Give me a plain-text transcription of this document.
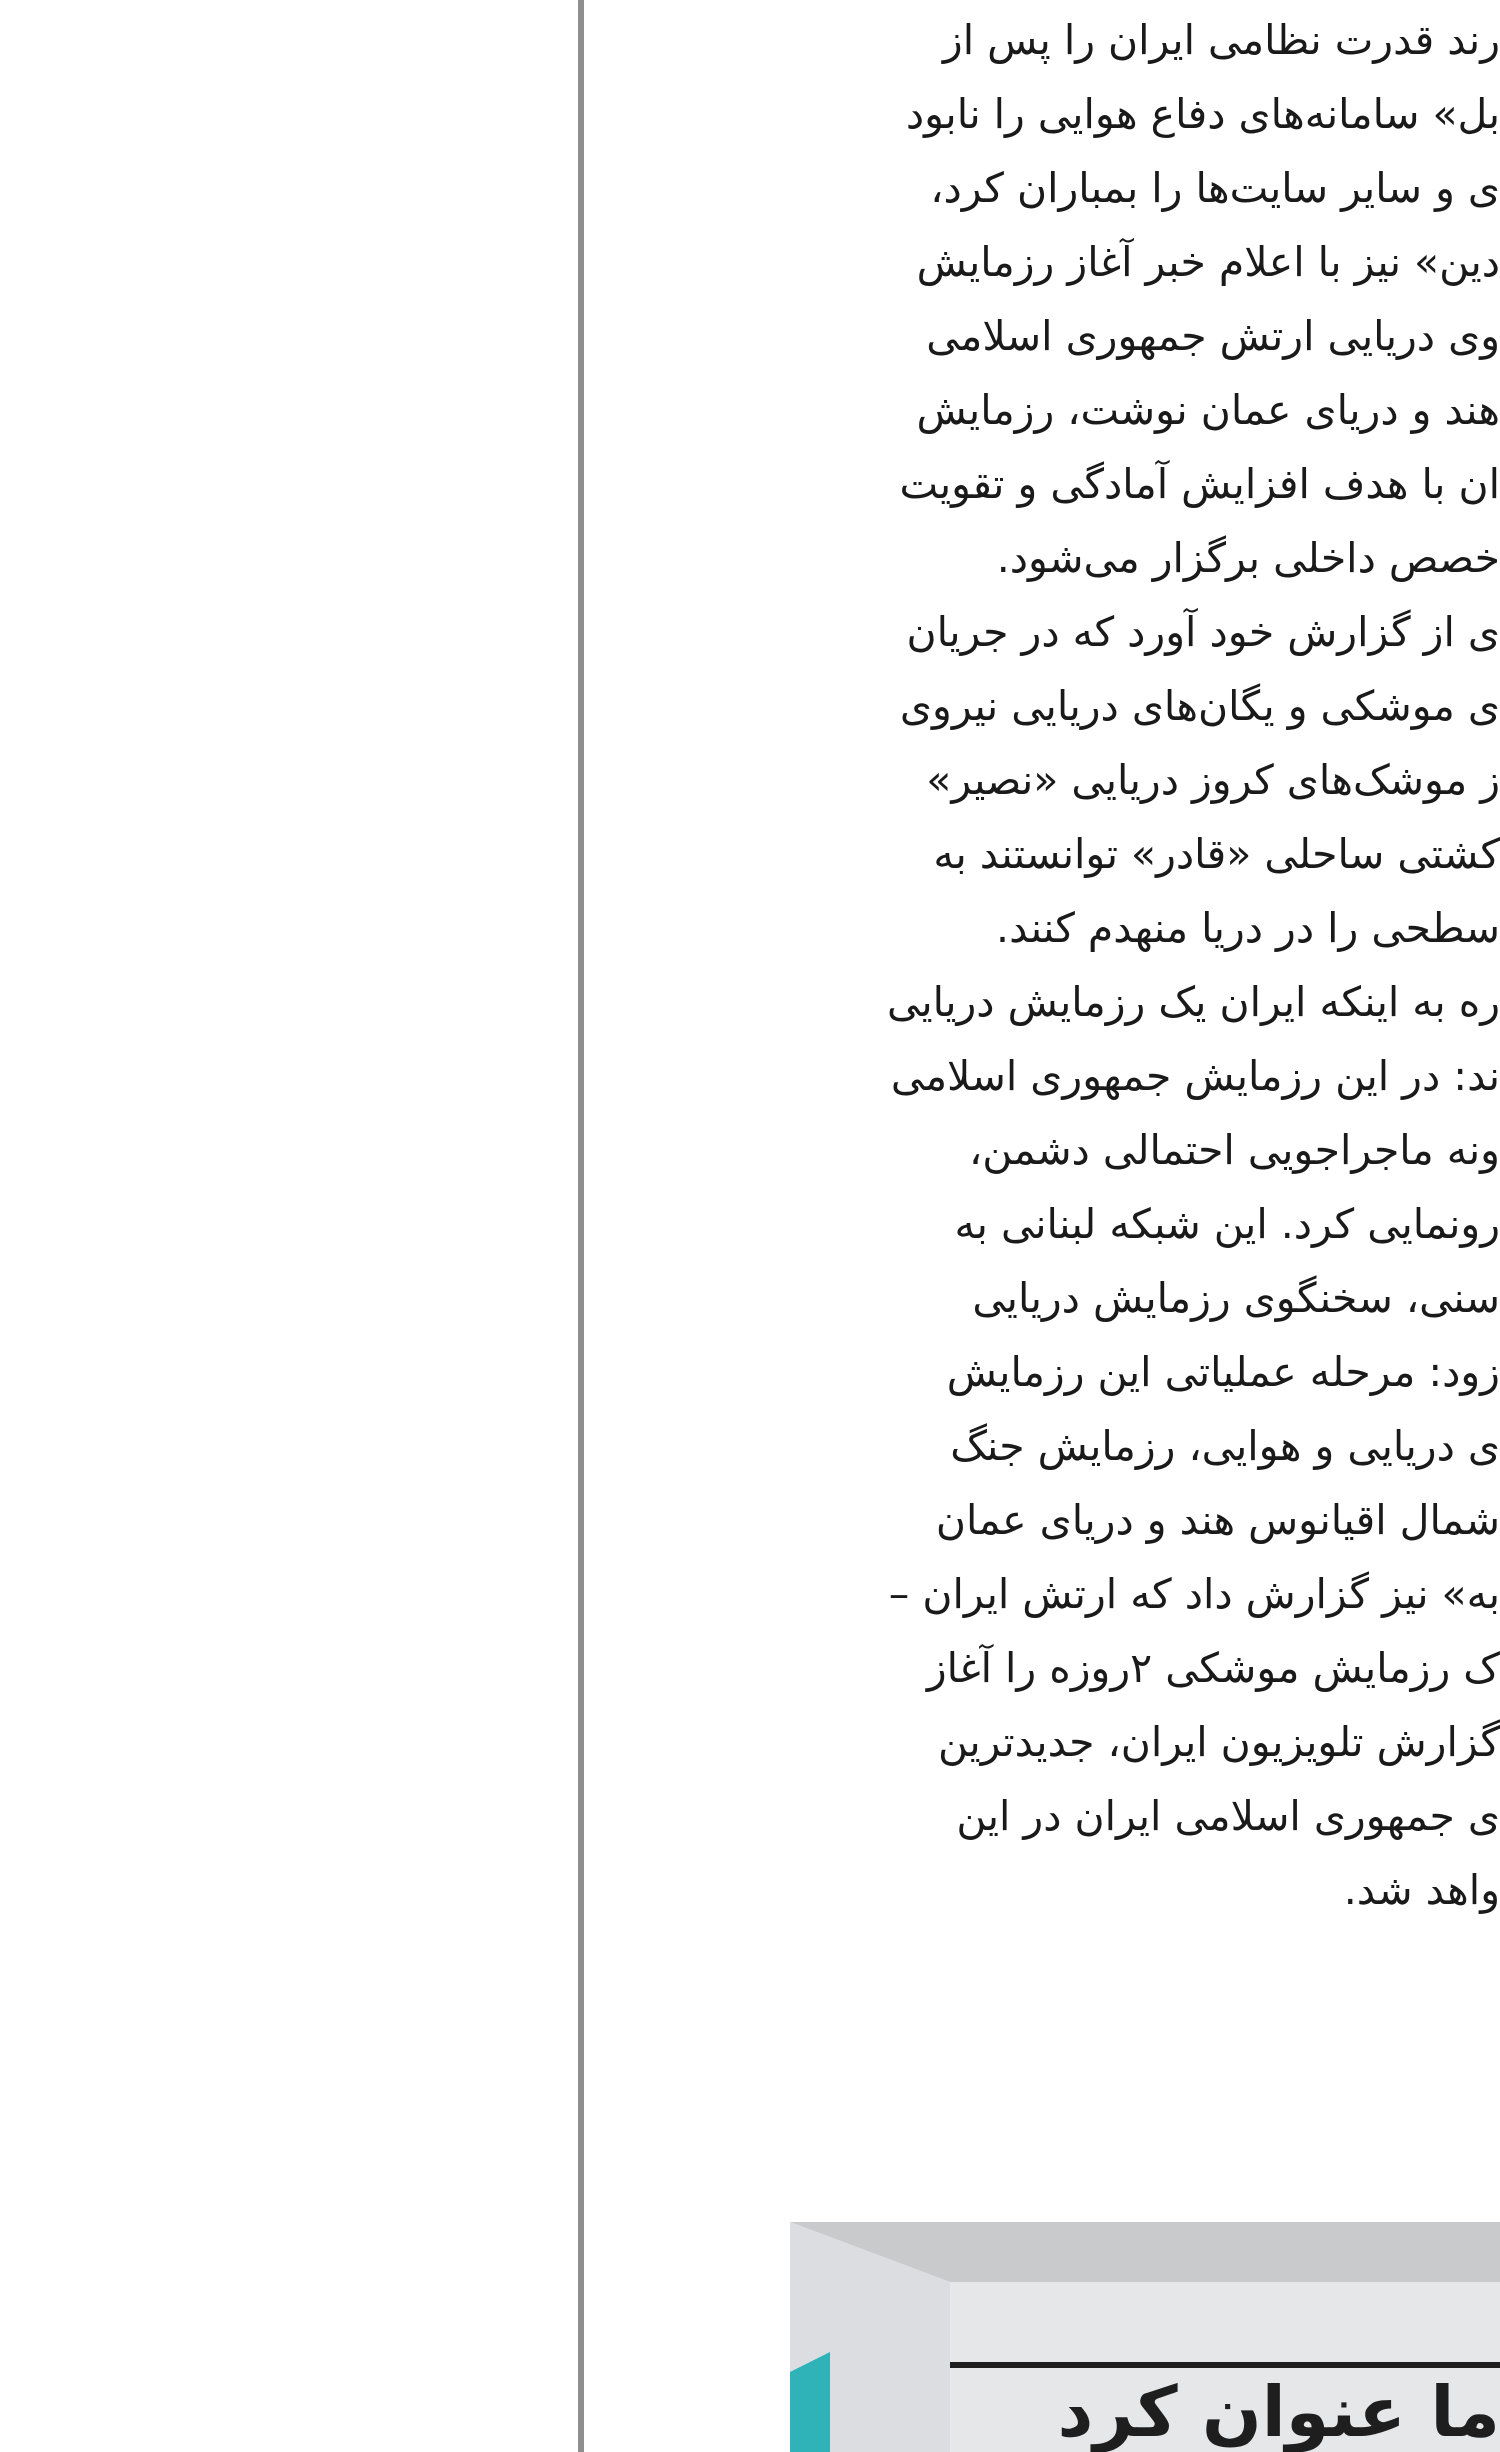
رند قدرت نظامی ایران را پس از
بل» سامانه‌های دفاع هوایی را نابود
ی و سایر سایت‌ها را بمباران کرد،
دین» نیز با اعلام خبر آغاز رزمایش
وی دریایی ارتش جمهوری اسلامی
هند و دریای عمان نوشت، رزمایش
ان با هدف افزایش آمادگی و تقویت
خصص داخلی برگزار می‌شود.
ی از گزارش خود آورد که در جریان
ی موشکی و یگان‌های دریایی نیروی
ز موشک‌های کروز دریایی «نصیر»
کشتی ساحلی «قادر» توانستند به
سطحی را در دریا منهدم کنند.
ره به اینکه ایران یک رزمایش دریایی
ند: در این رزمایش جمهوری اسلامی
ونه ماجراجویی احتمالی دشمن،
رونمایی کرد. این شبکه لبنانی به
سنی، سخنگوی رزمایش دریایی
زود: مرحله عملیاتی این رزمایش
ی دریایی و هوایی، رزمایش جنگ
شمال اقیانوس هند و دریای عمان
به» نیز گزارش داد که ارتش ایران –
ک رزمایش موشکی ۲روزه را آغاز
گزارش تلویزیون ایران، جدیدترین
ی جمهوری اسلامی ایران در این
واهد شد.
ما عنوان کرد
